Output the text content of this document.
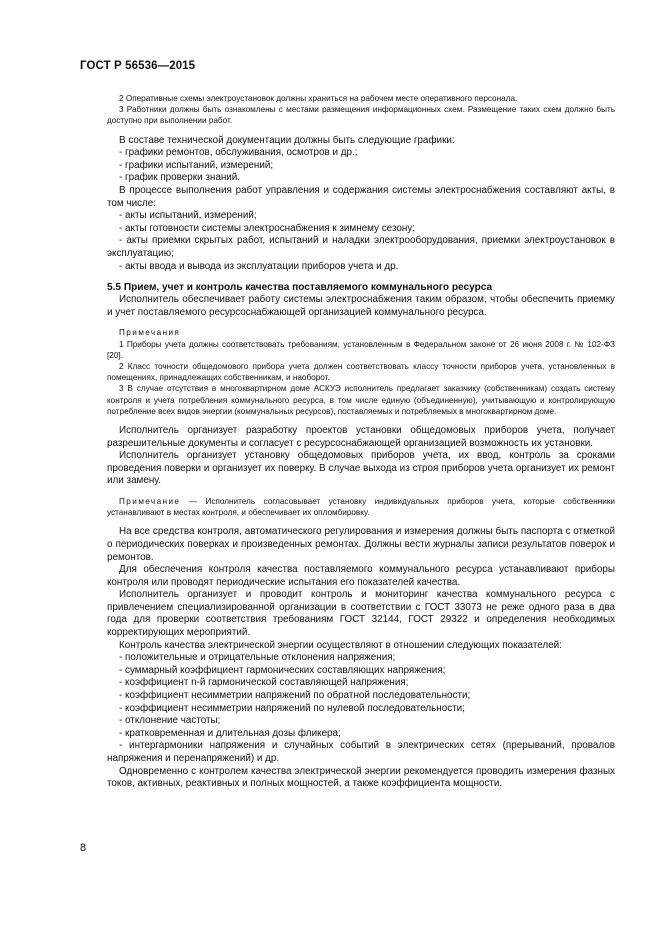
ГОСТ Р 56536—2015

2 Оперативные схемы электроустановок должны храниться на рабочем месте оперативного персонала.

3 Работники должны быть ознакомлены с местами размещения информационных схем. Размещение таких схем должно быть доступно при выполнении работ.

В составе технической документации должны быть следующие графики:

- графики ремонтов, обслуживания, осмотров и др.;

- графики испытаний, измерений;

- график проверки знаний.

В процессе выполнения работ управления и содержания системы электроснабжения составляют акты, в том числе:

- акты испытаний, измерений;

- акты готовности системы электроснабжения к зимнему сезону;

- акты приемки скрытых работ, испытаний и наладки электрооборудования, приемки электроустановок в эксплуатацию;

- акты ввода и вывода из эксплуатации приборов учета и др.

5.5 Прием, учет и контроль качества поставляемого коммунального ресурса

Исполнитель обеспечивает работу системы электроснабжения таким образом, чтобы обеспечить приемку и учет поставляемого ресурсоснабжающей организацией коммунального ресурса.

Примечания

1 Приборы учета должны соответствовать требованиям, установленным в Федеральном законе от 26 июня 2008 г. № 102-ФЗ [20].

2 Класс точности общедомового прибора учета должен соответствовать классу точности приборов учета, установленных в помещениях, принадлежащих собственникам, и наоборот.

3 В случае отсутствия в многоквартирном доме АСКУЭ исполнитель предлагает заказчику (собственникам) создать систему контроля и учета потребления коммунального ресурса, в том числе единую (объединенную), учитывающую и контролирующую потребление всех видов энергии (коммунальных ресурсов), поставляемых и потребляемых в многоквартирном доме.

Исполнитель организует разработку проектов установки общедомовых приборов учета, получает разрешительные документы и согласует с ресурсоснабжающей организацией возможность их установки.

Исполнитель организует установку общедомовых приборов учета, их ввод, контроль за сроками проведения поверки и организует их поверку. В случае выхода из строя приборов учета организует их ремонт или замену.

Примечание — Исполнитель согласовывает установку индивидуальных приборов учета, которые собственники устанавливают в местах контроля, и обеспечивает их опломбировку.

На все средства контроля, автоматического регулирования и измерения должны быть паспорта с отметкой о периодических поверках и произведенных ремонтах. Должны вести журналы записи результатов поверок и ремонтов.

Для обеспечения контроля качества поставляемого коммунального ресурса устанавливают приборы контроля или проводят периодические испытания его показателей качества.

Исполнитель организует и проводит контроль и мониторинг качества коммунального ресурса с привлечением специализированной организации в соответствии с ГОСТ 33073 не реже одного раза в два года для проверки соответствия требованиям ГОСТ 32144, ГОСТ 29322 и определения необходимых корректирующих мероприятий.

Контроль качества электрической энергии осуществляют в отношении следующих показателей:

- положительные и отрицательные отклонения напряжения;

- суммарный коэффициент гармонических составляющих напряжения;

- коэффициент n-й гармонической составляющей напряжения;

- коэффициент несимметрии напряжений по обратной последовательности;

- коэффициент несимметрии напряжений по нулевой последовательности;

- отклонение частоты;

- кратковременная и длительная дозы фликера;

- интергармоники напряжения и случайных событий в электрических сетях (прерываний, провалов напряжения и перенапряжений) и др.

Одновременно с контролем качества электрической энергии рекомендуется проводить измерения фазных токов, активных, реактивных и полных мощностей, а также коэффициента мощности.

8
